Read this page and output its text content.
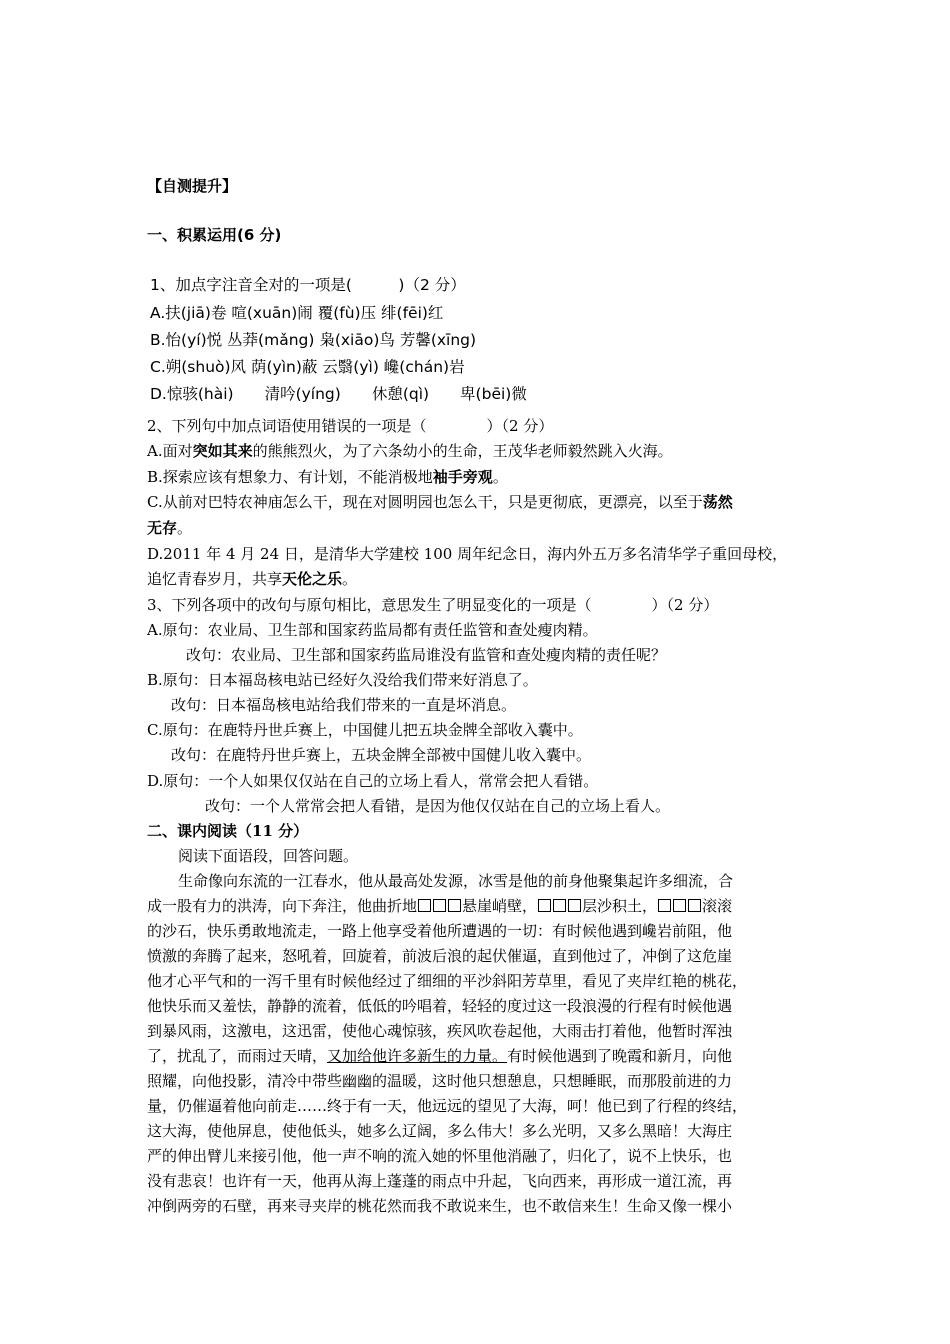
【自测提升】
一、积累运用(6 分)
1、加点字注音全对的一项是(　　　)（2 分）
A.扶(jiā)卷 喧(xuān)闹 覆(fù)压 绯(fēi)红
B.怡(yí)悦 丛莽(mǎng) 枭(xiāo)鸟 芳馨(xīng)
C.朔(shuò)风 荫(yìn)蔽 云翳(yì) 巉(chán)岩
D.惊骇(hài)　　清吟(yíng)　　休憩(qì)　　卑(bēi)微
2、下列句中加点词语使用错误的一项是（　　　　）（2 分）
A.面对突如其来的熊熊烈火，为了六条幼小的生命，王茂华老师毅然跳入火海。
B.探索应该有想象力、有计划，不能消极地袖手旁观。
C.从前对巴特农神庙怎么干，现在对圆明园也怎么干，只是更彻底，更漂亮，以至于荡然
无存。
D.2011 年 4 月 24 日，是清华大学建校 100 周年纪念日，海内外五万多名清华学子重回母校，
追忆青春岁月，共享天伦之乐。
3、下列各项中的改句与原句相比，意思发生了明显变化的一项是（　　　　）（2 分）
A.原句：农业局、卫生部和国家药监局都有责任监管和查处瘦肉精。
改句：农业局、卫生部和国家药监局谁没有监管和查处瘦肉精的责任呢？
B.原句：日本福岛核电站已经好久没给我们带来好消息了。
改句：日本福岛核电站给我们带来的一直是坏消息。
C.原句：在鹿特丹世乒赛上，中国健儿把五块金牌全部收入囊中。
改句：在鹿特丹世乒赛上，五块金牌全部被中国健儿收入囊中。
D.原句：一个人如果仅仅站在自己的立场上看人，常常会把人看错。
改句：一个人常常会把人看错，是因为他仅仅站在自己的立场上看人。
二、课内阅读（11 分）
阅读下面语段，回答问题。
生命像向东流的一江春水，他从最高处发源，冰雪是他的前身他聚集起许多细流，合
成一股有力的洪涛，向下奔注，他曲折地	悬崖峭壁，	层沙积土，	滚滚
的沙石，快乐勇敢地流走，一路上他享受着他所遭遇的一切：有时候他遇到巉岩前阻，他
愤激的奔腾了起来，怒吼着，回旋着，前波后浪的起伏催逼，直到他过了，冲倒了这危崖
他才心平气和的一泻千里有时候他经过了细细的平沙斜阳芳草里，看见了夹岸红艳的桃花，
他快乐而又羞怯，静静的流着，低低的吟唱着，轻轻的度过这一段浪漫的行程有时候他遇
到暴风雨，这激电，这迅雷，使他心魂惊骇，疾风吹卷起他，大雨击打着他，他暂时浑浊
了，扰乱了，而雨过天晴，又加给他许多新生的力量。有时候他遇到了晚霞和新月，向他
照耀，向他投影，清冷中带些幽幽的温暖，这时他只想憩息，只想睡眠，而那股前进的力
量，仍催逼着他向前走……终于有一天，他远远的望见了大海，呵！他已到了行程的终结，
这大海，使他屏息，使他低头，她多么辽阔，多么伟大！多么光明，又多么黑暗！大海庄
严的伸出臂儿来接引他，他一声不响的流入她的怀里他消融了，归化了，说不上快乐，也
没有悲哀！也许有一天，他再从海上蓬蓬的雨点中升起，飞向西来，再形成一道江流，再
冲倒两旁的石壁，再来寻夹岸的桃花然而我不敢说来生，也不敢信来生！生命又像一棵小
